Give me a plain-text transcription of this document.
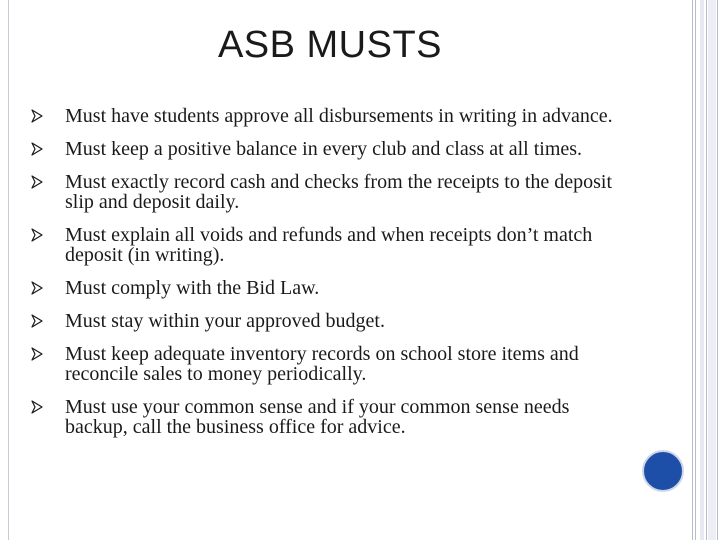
ASB MUSTS
Must have students approve all disbursements in writing in advance.
Must keep a positive balance in every club and class at all times.
Must exactly record cash and checks from the receipts to the deposit slip and deposit daily.
Must explain all voids and refunds and when receipts don’t match deposit (in writing).
Must comply with the Bid Law.
Must stay within your approved budget.
Must keep adequate inventory records on school store items and reconcile sales to money periodically.
Must use your common sense and if your common sense needs backup, call the business office for advice.
